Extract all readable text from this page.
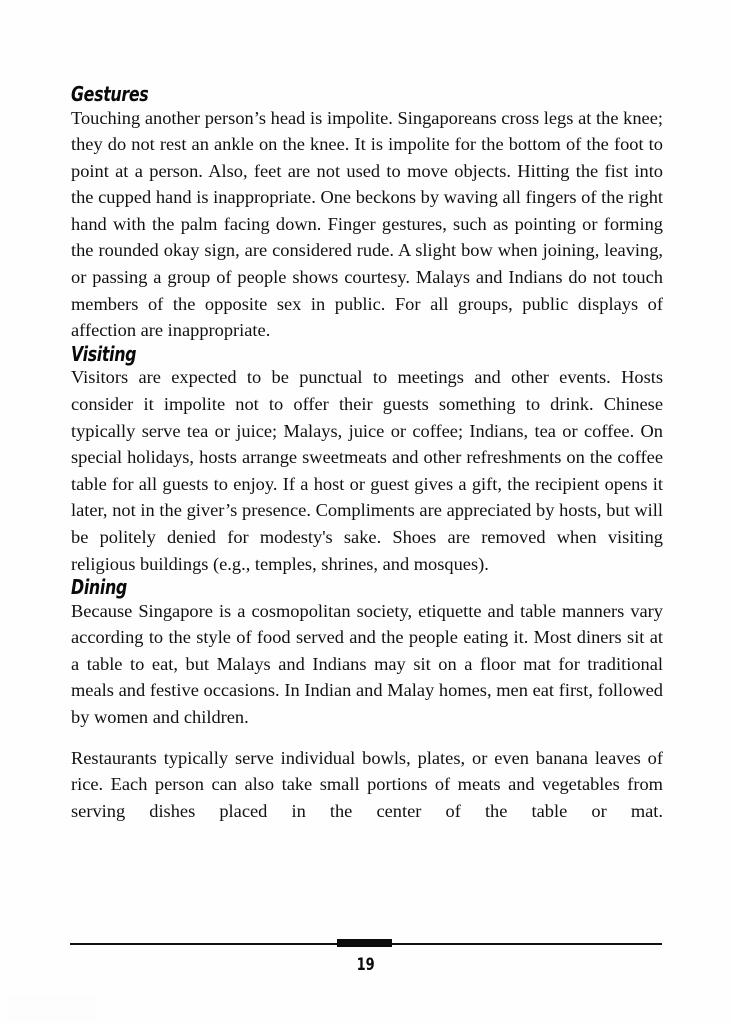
Gestures

Touching another person’s head is impolite. Singaporeans cross legs at the knee; they do not rest an ankle on the knee. It is impolite for the bottom of the foot to point at a person. Also, feet are not used to move objects. Hitting the fist into the cupped hand is inappropriate. One beckons by waving all fingers of the right hand with the palm facing down. Finger gestures, such as pointing or forming the rounded okay sign, are considered rude. A slight bow when joining, leaving, or passing a group of people shows courtesy. Malays and Indians do not touch members of the opposite sex in public. For all groups, public displays of affection are inappropriate.

Visiting

Visitors are expected to be punctual to meetings and other events. Hosts consider it impolite not to offer their guests something to drink. Chinese typically serve tea or juice; Malays, juice or coffee; Indians, tea or coffee. On special holidays, hosts arrange sweetmeats and other refreshments on the coffee table for all guests to enjoy. If a host or guest gives a gift, the recipient opens it later, not in the giver’s presence. Compliments are appreciated by hosts, but will be politely denied for modesty's sake. Shoes are removed when visiting religious buildings (e.g., temples, shrines, and mosques).

Dining

Because Singapore is a cosmopolitan society, etiquette and table manners vary according to the style of food served and the people eating it. Most diners sit at a table to eat, but Malays and Indians may sit on a floor mat for traditional meals and festive occasions. In Indian and Malay homes, men eat first, followed by women and children.

Restaurants typically serve individual bowls, plates, or even banana leaves of rice. Each person can also take small portions of meats and vegetables from serving dishes placed in the center of the table or mat.

19
